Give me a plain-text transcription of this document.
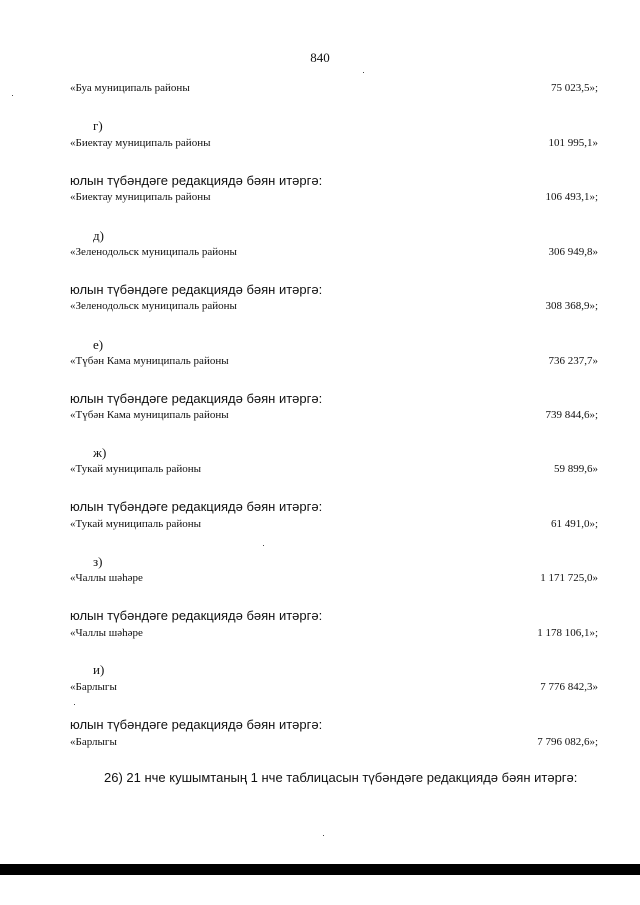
840
«Буа муниципаль районы	75 023,5»;
г)
«Биектау муниципаль районы	101 995,1»
юлын түбәндәге редакциядә бәян итәргә:
«Биектау муниципаль районы	106 493,1»;
д)
«Зеленодольск муниципаль районы	306 949,8»
юлын түбәндәге редакциядә бәян итәргә:
«Зеленодольск муниципаль районы	308 368,9»;
е)
«Түбән Кама муниципаль районы	736 237,7»
юлын түбәндәге редакциядә бәян итәргә:
«Түбән Кама муниципаль районы	739 844,6»;
ж)
«Тукай муниципаль районы	59 899,6»
юлын түбәндәге редакциядә бәян итәргә:
«Тукай муниципаль районы	61 491,0»;
з)
«Чаллы шәһәре	1 171 725,0»
юлын түбәндәге редакциядә бәян итәргә:
«Чаллы шәһәре	1 178 106,1»;
и)
«Барлыгы	7 776 842,3»
юлын түбәндәге редакциядә бәян итәргә:
«Барлыгы	7 796 082,6»;
26) 21 нче кушымтаның 1 нче таблицасын түбәндәге редакциядә бәян итәргә:
